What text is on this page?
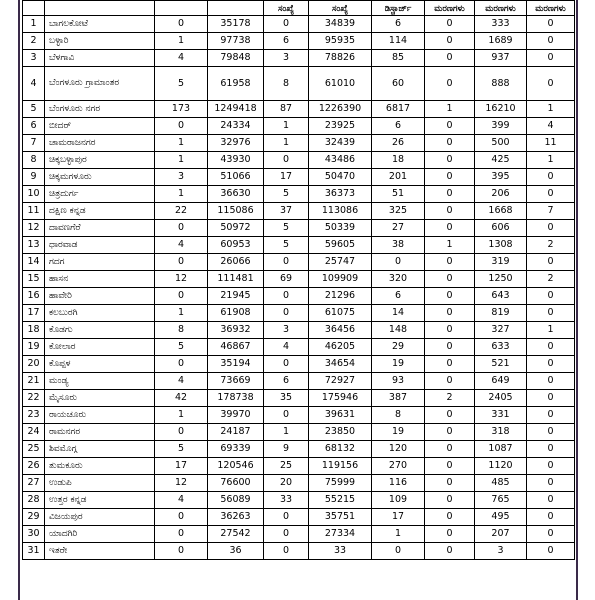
				ಸಂಖ್ಯೆ	ಸಂಖ್ಯೆ	ಡಿಸ್ಚಾರ್ಜ್	ಮರಣಗಳು	ಮರಣಗಳು	ಮರಣಗಳು
1	ಬಾಗಲಕೋಟೆ	0	35178	0	34839	6	0	333	0
2	ಬಳ್ಳಾರಿ	1	97738	6	95935	114	0	1689	0
3	ಬೆಳಗಾವಿ	4	79848	3	78826	85	0	937	0
4	ಬೆಂಗಳೂರು ಗ್ರಾಮಾಂತರ	5	61958	8	61010	60	0	888	0
5	ಬೆಂಗಳೂರು ನಗರ	173	1249418	87	1226390	6817	1	16210	1
6	ಬೀದರ್	0	24334	1	23925	6	0	399	4
7	ಚಾಮರಾಜನಗರ	1	32976	1	32439	26	0	500	11
8	ಚಿಕ್ಕಬಳ್ಳಾಪುರ	1	43930	0	43486	18	0	425	1
9	ಚಿಕ್ಕಮಗಳೂರು	3	51066	17	50470	201	0	395	0
10	ಚಿತ್ರದುರ್ಗ	1	36630	5	36373	51	0	206	0
11	ದಕ್ಷಿಣ ಕನ್ನಡ	22	115086	37	113086	325	0	1668	7
12	ದಾವಣಗೆರೆ	0	50972	5	50339	27	0	606	0
13	ಧಾರವಾಡ	4	60953	5	59605	38	1	1308	2
14	ಗದಗ	0	26066	0	25747	0	0	319	0
15	ಹಾಸನ	12	111481	69	109909	320	0	1250	2
16	ಹಾವೇರಿ	0	21945	0	21296	6	0	643	0
17	ಕಲಬುರಗಿ	1	61908	0	61075	14	0	819	0
18	ಕೊಡಗು	8	36932	3	36456	148	0	327	1
19	ಕೋಲಾರ	5	46867	4	46205	29	0	633	0
20	ಕೊಪ್ಪಳ	0	35194	0	34654	19	0	521	0
21	ಮಂಡ್ಯ	4	73669	6	72927	93	0	649	0
22	ಮೈಸೂರು	42	178738	35	175946	387	2	2405	0
23	ರಾಯಚೂರು	1	39970	0	39631	8	0	331	0
24	ರಾಮನಗರ	0	24187	1	23850	19	0	318	0
25	ಶಿವಮೊಗ್ಗ	5	69339	9	68132	120	0	1087	0
26	ತುಮಕೂರು	17	120546	25	119156	270	0	1120	0
27	ಉಡುಪಿ	12	76600	20	75999	116	0	485	0
28	ಉತ್ತರ ಕನ್ನಡ	4	56089	33	55215	109	0	765	0
29	ವಿಜಯಪುರ	0	36263	0	35751	17	0	495	0
30	ಯಾದಗಿರಿ	0	27542	0	27334	1	0	207	0
31	ಇತರೇ	0	36	0	33	0	0	3	0
